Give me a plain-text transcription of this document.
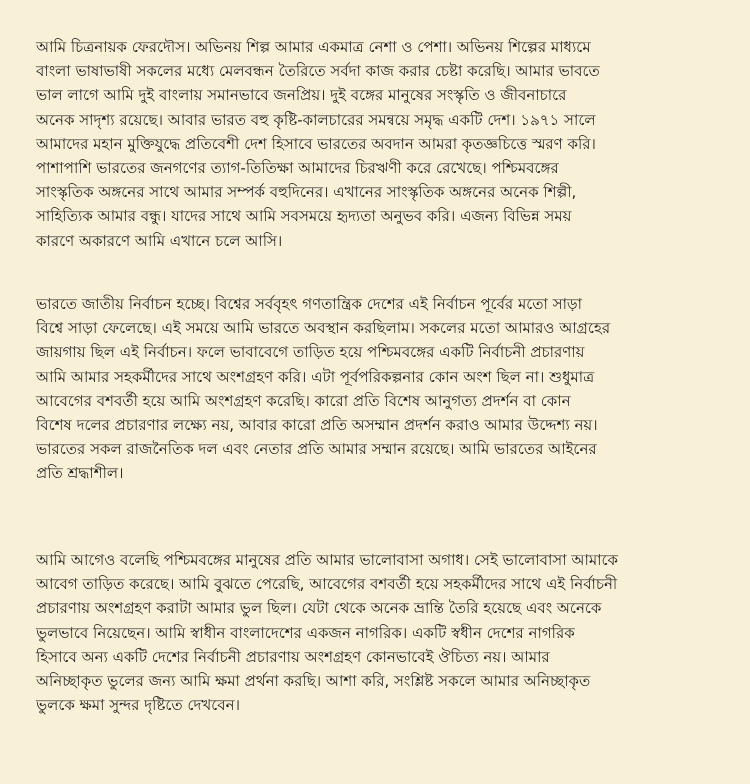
আমি চিত্রনায়ক ফেরদৌস। অভিনয় শিল্প আমার একমাত্র নেশা ও পেশা। অভিনয় শিল্পের মাধ্যমে
বাংলা ভাষাভাষী সকলের মধ্যে মেলবন্ধন তৈরিতে সর্বদা কাজ করার চেষ্টা করেছি। আমার ভাবতে
ভাল লাগে আমি দুই বাংলায় সমানভাবে জনপ্রিয়। দুই বঙ্গের মানুষের সংস্কৃতি ও জীবনাচারে
অনেক সাদৃশ্য রয়েছে। আবার ভারত বহু কৃষ্টি-কালচারের সমন্বয়ে সমৃদ্ধ একটি দেশ। ১৯৭১ সালে
আমাদের মহান মুক্তিযুদ্ধে প্রতিবেশী দেশ হিসাবে ভারতের অবদান আমরা কৃতজ্ঞচিত্তে স্মরণ করি।
পাশাপাশি ভারতের জনগণের ত্যাগ-তিতিক্ষা আমাদের চিরঋণী করে রেখেছে। পশ্চিমবঙ্গের
সাংস্কৃতিক অঙ্গনের সাথে আমার সম্পর্ক বহুদিনের। এখানের সাংস্কৃতিক অঙ্গনের অনেক শিল্পী,
সাহিত্যিক আমার বন্ধু। যাদের সাথে আমি সবসময়ে হৃদ্যতা অনুভব করি। এজন্য বিভিন্ন সময়
কারণে অকারণে আমি এখানে চলে আসি।

ভারতে জাতীয় নির্বাচন হচ্ছে। বিশ্বের সর্ববৃহৎ গণতান্ত্রিক দেশের এই নির্বাচন পূর্বের মতো সাড়া
বিশ্বে সাড়া ফেলেছে। এই সময়ে আমি ভারতে অবস্থান করছিলাম। সকলের মতো আমারও আগ্রহের
জায়গায় ছিল এই নির্বাচন। ফলে ভাবাবেগে তাড়িত হয়ে পশ্চিমবঙ্গের একটি নির্বাচনী প্রচারণায়
আমি আমার সহকর্মীদের সাথে অংশগ্রহণ করি। এটা পূর্বপরিকল্পনার কোন অংশ ছিল না। শুধুমাত্র
আবেগের বশবর্তী হয়ে আমি অংশগ্রহণ করেছি। কারো প্রতি বিশেষ আনুগত্য প্রদর্শন বা কোন
বিশেষ দলের প্রচারণার লক্ষ্যে নয়, আবার কারো প্রতি অসম্মান প্রদর্শন করাও আমার উদ্দেশ্য নয়।
ভারতের সকল রাজনৈতিক দল এবং নেতার প্রতি আমার সম্মান রয়েছে। আমি ভারতের আইনের
প্রতি শ্রদ্ধাশীল।

আমি আগেও বলেছি পশ্চিমবঙ্গের মানুষের প্রতি আমার ভালোবাসা অগাধ। সেই ভালোবাসা আমাকে
আবেগ তাড়িত করেছে। আমি বুঝতে পেরেছি, আবেগের বশবর্তী হয়ে সহকর্মীদের সাথে এই নির্বাচনী
প্রচারণায় অংশগ্রহণ করাটা আমার ভুল ছিল। যেটা থেকে অনেক ভ্রান্তি তৈরি হয়েছে এবং অনেকে
ভুলভাবে নিয়েছেন। আমি স্বাধীন বাংলাদেশের একজন নাগরিক। একটি স্বধীন দেশের নাগরিক
হিসাবে অন্য একটি দেশের নির্বাচনী প্রচারণায় অংশগ্রহণ কোনভাবেই ঔচিত্য নয়। আমার
অনিচ্ছাকৃত ভুলের জন্য আমি ক্ষমা প্রর্থনা করছি। আশা করি, সংশ্লিষ্ট সকলে আমার অনিচ্ছাকৃত
ভুলকে ক্ষমা সুন্দর দৃষ্টিতে দেখবেন।
